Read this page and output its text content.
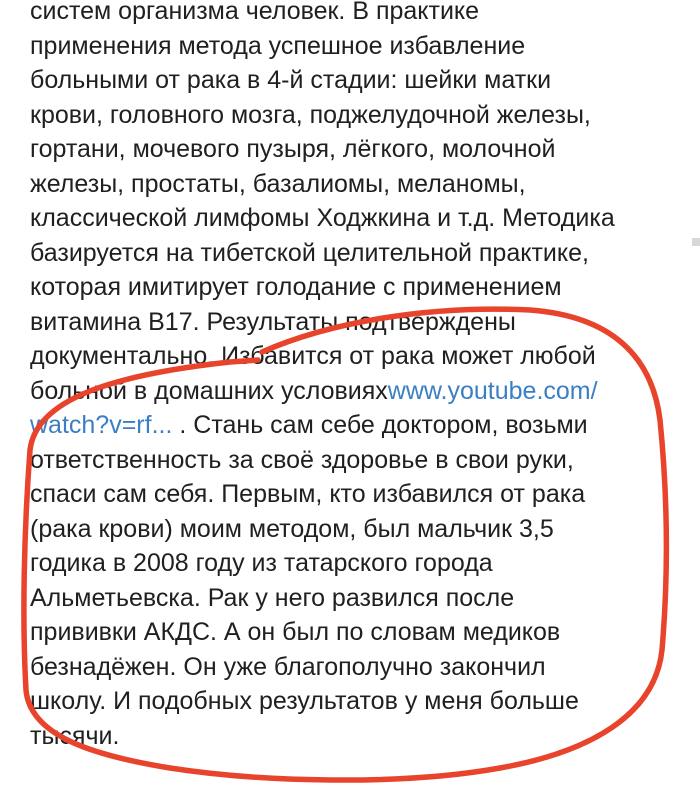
систем организма человек. В практике
применения метода успешное избавление
больными от рака в 4-й стадии: шейки матки
крови, головного мозга, поджелудочной железы,
гортани, мочевого пузыря, лёгкого, молочной
железы, простаты, базалиомы, меланомы,
классической лимфомы Ходжкина и т.д. Методика
базируется на тибетской целительной практике,
которая имитирует голодание с применением
витамина В17. Результаты подтверждены
документально. Избавится от рака может любой
больной в домашних условияхwww.youtube.com/
watch?v=rf... . Стань сам себе доктором, возьми
ответственность за своё здоровье в свои руки,
спаси сам себя. Первым, кто избавился от рака
(рака крови) моим методом, был мальчик 3,5
годика в 2008 году из татарского города
Альметьевска. Рак у него развился после
прививки АКДС. А он был по словам медиков
безнадёжен. Он уже благополучно закончил
школу. И подобных результатов у меня больше
тысячи.
